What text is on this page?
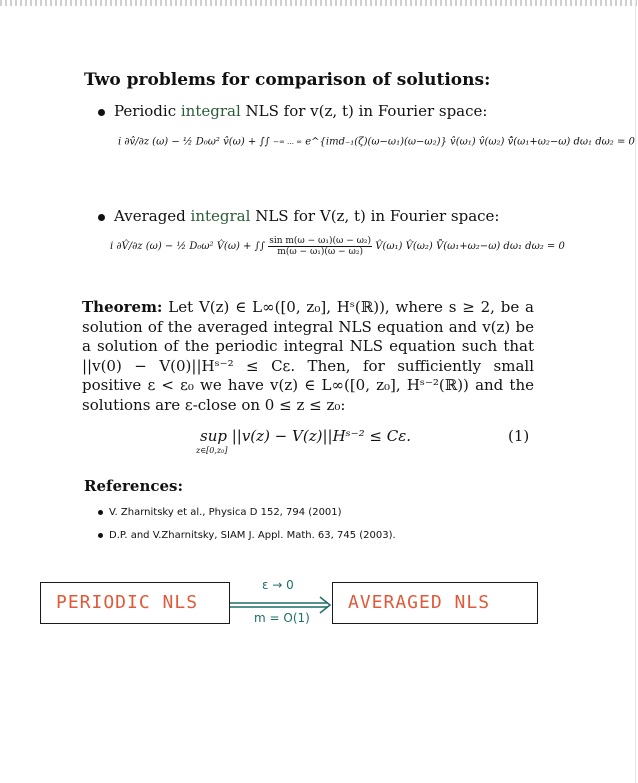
Two problems for comparison of solutions:
Periodic integral NLS for v(z, t) in Fourier space:
i ∂v̂/∂z (ω) − ½ D₀ω² v̂(ω) + ∫∫ −∞ … ∞ e^{imd₋₁(ζ)(ω−ω₁)(ω−ω₂)} v̂(ω₁) v̂(ω₂) v̂̄(ω₁+ω₂−ω) dω₁ dω₂ = 0
Averaged integral NLS for V(z, t) in Fourier space:
i ∂V̂/∂z (ω) − ½ D₀ω² V̂(ω) + ∫∫ $\frac{\text{sin m(ω − ω₁)(ω − ω₂)}}{\text{m(ω − ω₁)(ω − ω₂)}}$ V̂(ω₁) V̂(ω₂) V̂̄(ω₁+ω₂−ω) dω₁ dω₂ = 0
Theorem: Let V(z) ∈ L∞([0, z₀], Hˢ(ℝ)), where s ≥ 2, be a solution of the averaged integral NLS equation and v(z) be a solution of the periodic integral NLS equation such that ||v(0) − V(0)||Hˢ⁻² ≤ Cε. Then, for sufficiently small positive ε < ε₀ we have v(z) ∈ L∞([0, z₀], Hˢ⁻²(ℝ)) and the solutions are ε-close on 0 ≤ z ≤ z₀:
sup ||v(z) − V(z)||Hˢ⁻² ≤ Cε.
z∈[0,z₀]
(1)
References:
V. Zharnitsky et al., Physica D 152, 794 (2001)
D.P. and V.Zharnitsky, SIAM J. Appl. Math. 63, 745 (2003).
PERIODIC NLS	AVERAGED NLS
ε → 0
m = O(1)
